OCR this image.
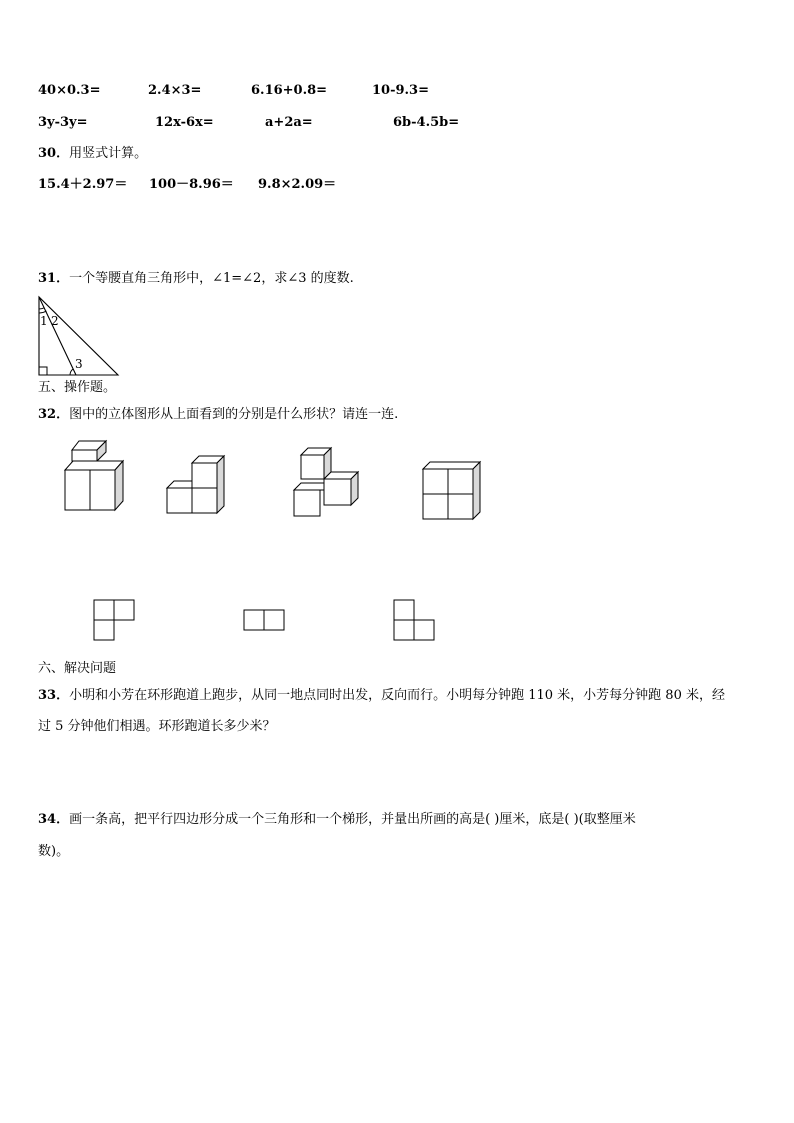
40×0.3=	2.4×3=	6.16+0.8=	10-9.3=
3y-3y=	12x-6x=	a+2a=	6b-4.5b=
30．用竖式计算。
15.4＋2.97＝ 100－8.96＝ 9.8×2.09＝
31．一个等腰直角三角形中，∠1=∠2，求∠3 的度数.
1 2
3
五、操作题。
32．图中的立体图形从上面看到的分别是什么形状？请连一连.
六、解决问题
33．小明和小芳在环形跑道上跑步，从同一地点同时出发，反向而行。小明每分钟跑 110 米，小芳每分钟跑 80 米，经
过 5 分钟他们相遇。环形跑道长多少米？
34．画一条高，把平行四边形分成一个三角形和一个梯形，并量出所画的高是( )厘米，底是( )(取整厘米
数)。
